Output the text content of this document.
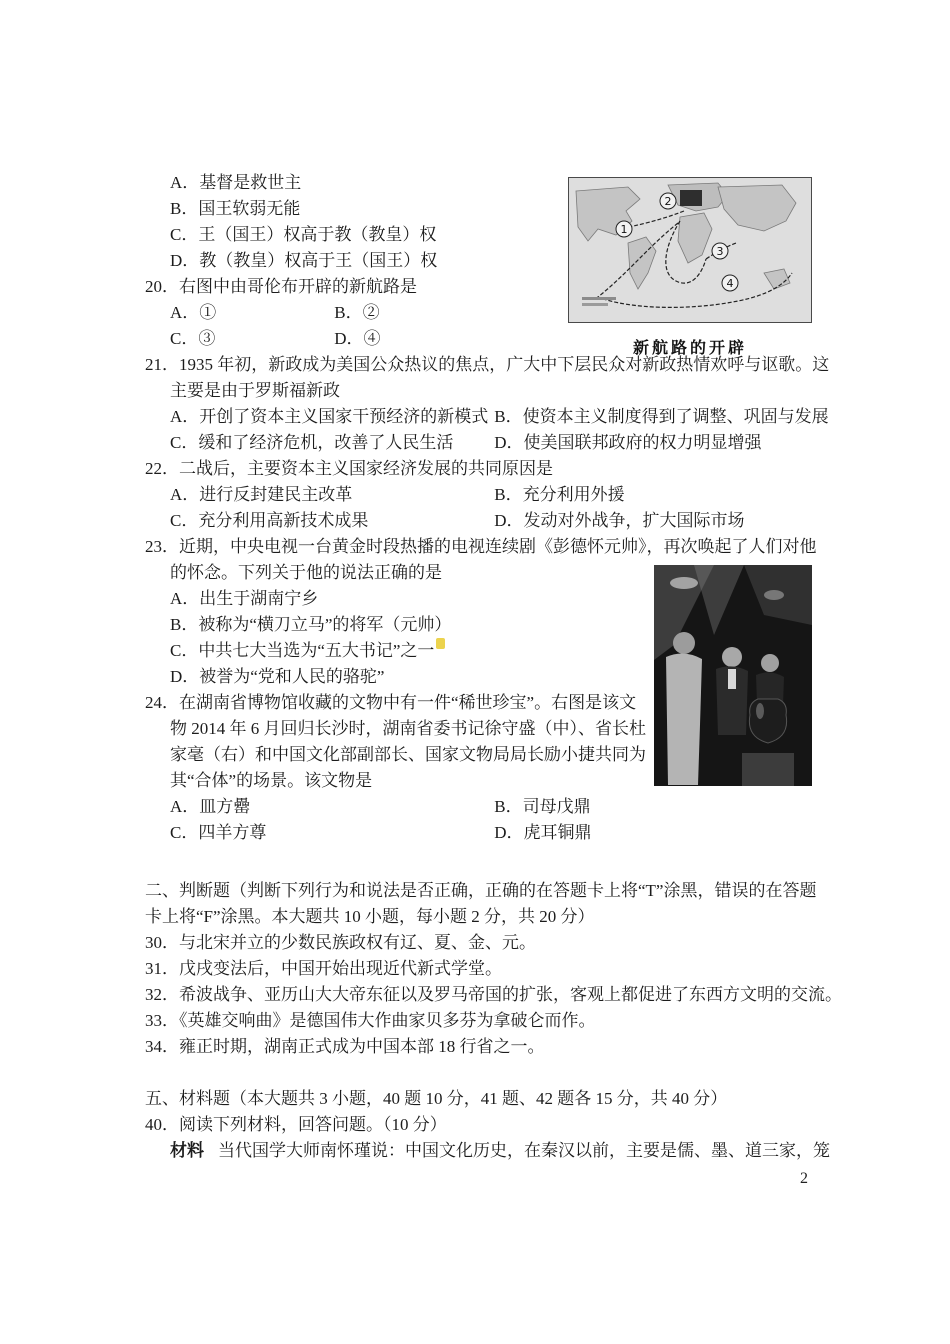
A．基督是救世主
B．国王软弱无能
C．王（国王）权高于教（教皇）权
D．教（教皇）权高于王（国王）权
20．右图中由哥伦布开辟的新航路是
A．①	B．②
C．③	D．④
21．1935 年初，新政成为美国公众热议的焦点，广大中下层民众对新政热情欢呼与讴歌。这
主要是由于罗斯福新政
A．开创了资本主义国家干预经济的新模式 B．使资本主义制度得到了调整、巩固与发展
C．缓和了经济危机，改善了人民生活 D．使美国联邦政府的权力明显增强
22．二战后，主要资本主义国家经济发展的共同原因是
A．进行反封建民主改革	B．充分利用外援
C．充分利用高新技术成果	D．发动对外战争，扩大国际市场
23．近期，中央电视一台黄金时段热播的电视连续剧《彭德怀元帅》，再次唤起了人们对他
的怀念。下列关于他的说法正确的是
A．出生于湖南宁乡
B．被称为“横刀立马”的将军（元帅）
C．中共七大当选为“五大书记”之一
D．被誉为“党和人民的骆驼”
24．在湖南省博物馆收藏的文物中有一件“稀世珍宝”。右图是该文
物 2014 年 6 月回归长沙时，湖南省委书记徐守盛（中）、省长杜
家毫（右）和中国文化部副部长、国家文物局局长励小捷共同为
其“合体”的场景。该文物是
A．皿方罍	B．司母戊鼎
C．四羊方尊	D．虎耳铜鼎
二、判断题（判断下列行为和说法是否正确，正确的在答题卡上将“T”涂黑，错误的在答题
卡上将“F”涂黑。本大题共 10 小题，每小题 2 分，共 20 分）
30．与北宋并立的少数民族政权有辽、夏、金、元。
31．戊戌变法后，中国开始出现近代新式学堂。
32．希波战争、亚历山大大帝东征以及罗马帝国的扩张，客观上都促进了东西方文明的交流。
33．《英雄交响曲》是德国伟大作曲家贝多芬为拿破仑而作。
34．雍正时期，湖南正式成为中国本部 18 行省之一。
五、材料题（本大题共 3 小题，40 题 10 分，41 题、42 题各 15 分，共 40 分）
40．阅读下列材料，回答问题。（10 分）
材料 当代国学大师南怀瑾说：中国文化历史，在秦汉以前，主要是儒、墨、道三家，笼
1
2
3
4
新航路的开辟
2
